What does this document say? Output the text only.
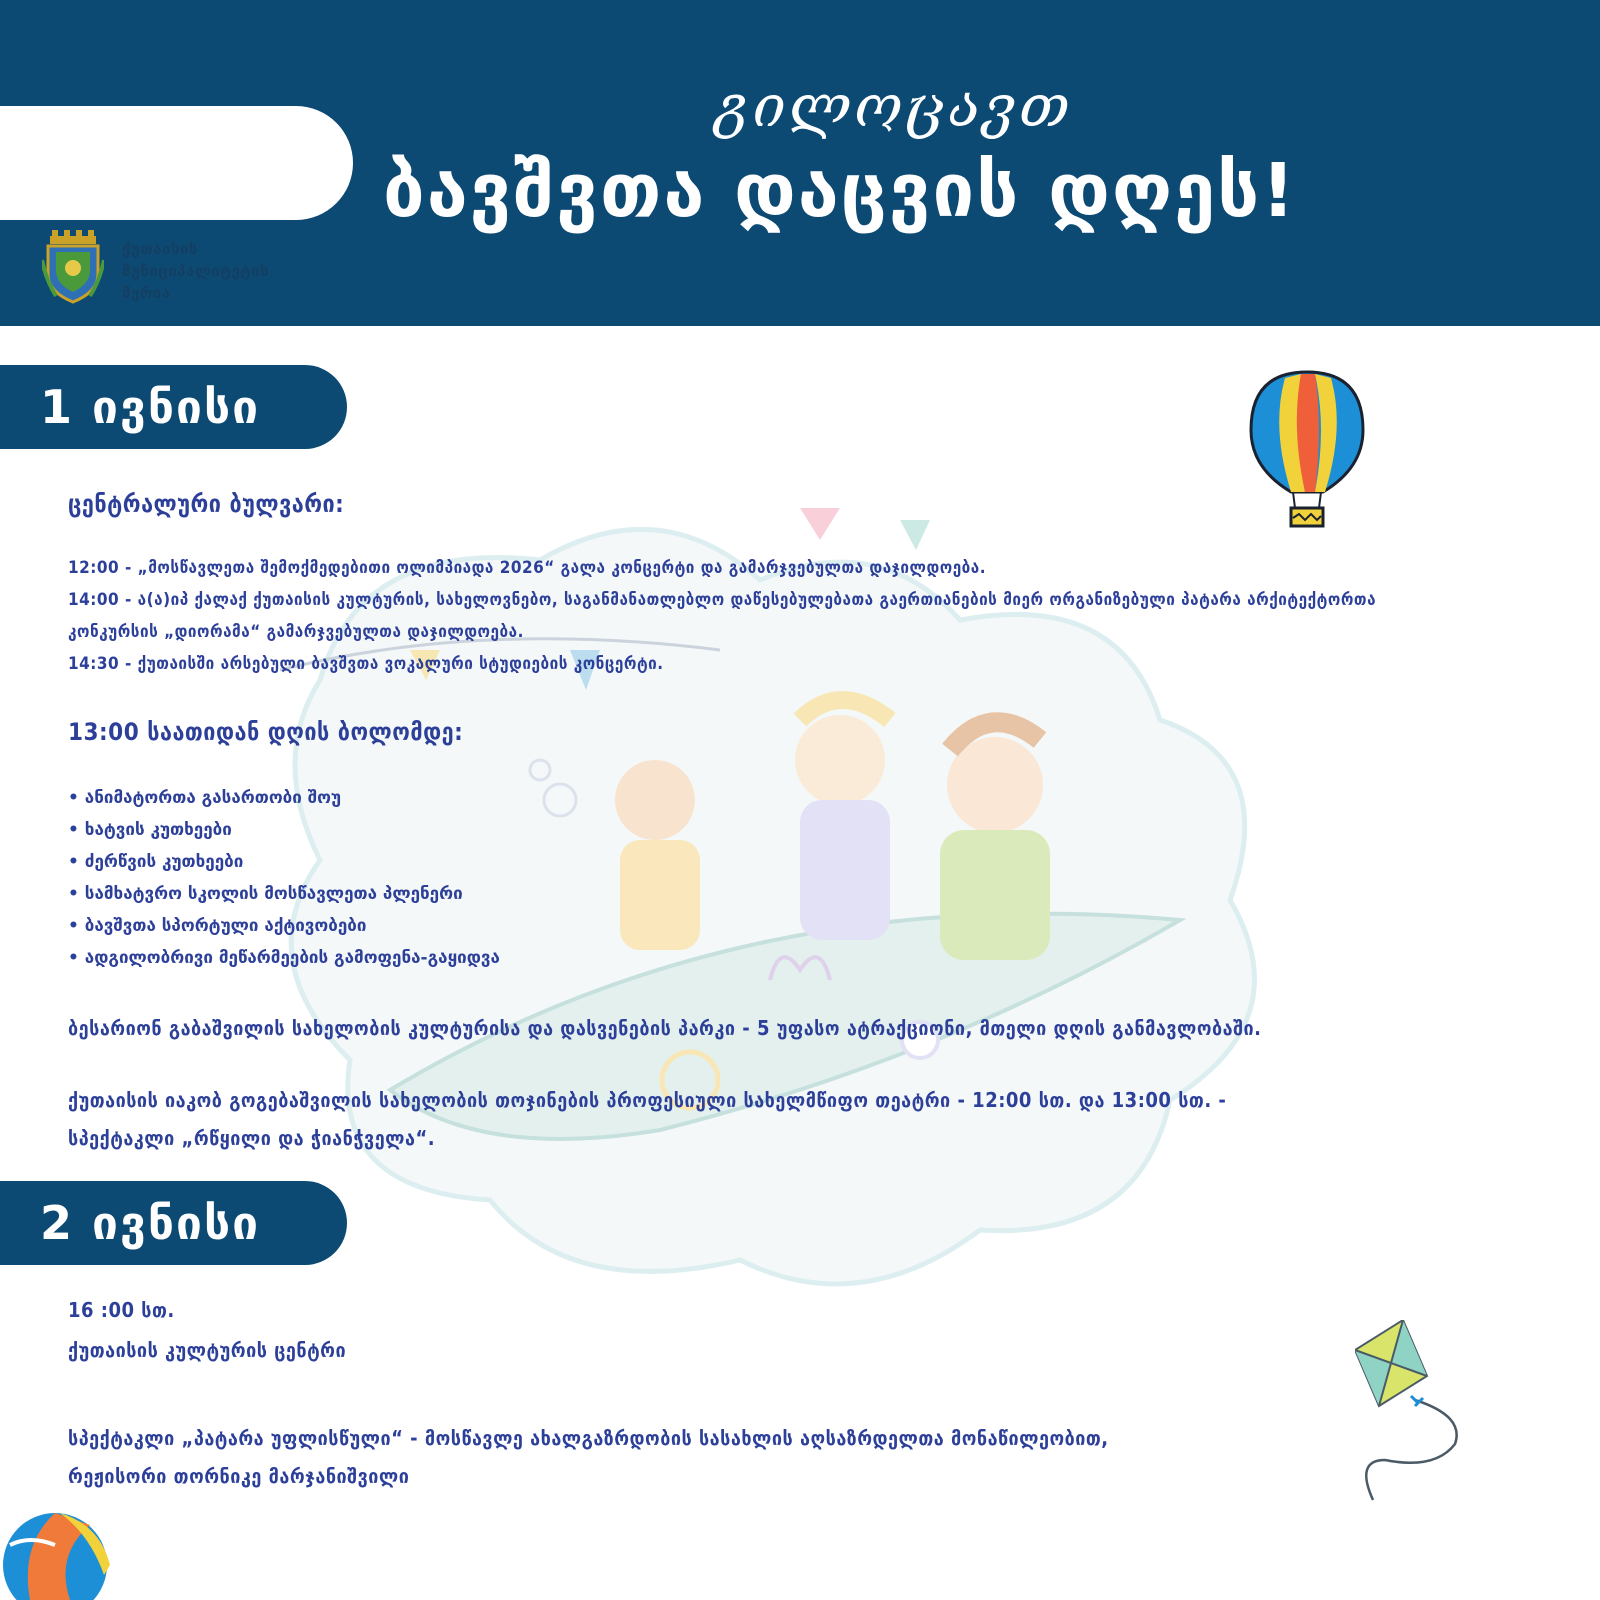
ქუთაისის
მუნიციპალიტეტის
მერია
გილოცავთ
ბავშვთა დაცვის დღეს!
1 ივნისი
ცენტრალური ბულვარი:
12:00 - „მოსწავლეთა შემოქმედებითი ოლიმპიადა 2026“ გალა კონცერტი და გამარჯვებულთა დაჯილდოება.
14:00 - ა(ა)იპ ქალაქ ქუთაისის კულტურის, სახელოვნებო, საგანმანათლებლო დაწესებულებათა გაერთიანების მიერ ორგანიზებული პატარა არქიტექტორთა
კონკურსის „დიორამა“ გამარჯვებულთა დაჯილდოება.
14:30 - ქუთაისში არსებული ბავშვთა ვოკალური სტუდიების კონცერტი.
13:00 საათიდან დღის ბოლომდე:
• ანიმატორთა გასართობი შოუ
• ხატვის კუთხეები
• ძერწვის კუთხეები
• სამხატვრო სკოლის მოსწავლეთა პლენერი
• ბავშვთა სპორტული აქტივობები
• ადგილობრივი მეწარმეების გამოფენა-გაყიდვა
ბესარიონ გაბაშვილის სახელობის კულტურისა და დასვენების პარკი - 5 უფასო ატრაქციონი, მთელი დღის განმავლობაში.
ქუთაისის იაკობ გოგებაშვილის სახელობის თოჯინების პროფესიული სახელმწიფო თეატრი - 12:00 სთ. და 13:00 სთ. -
სპექტაკლი „რწყილი და ჭიანჭველა“.
2 ივნისი
16 :00 სთ.
ქუთაისის კულტურის ცენტრი
სპექტაკლი „პატარა უფლისწული“ - მოსწავლე ახალგაზრდობის სასახლის აღსაზრდელთა მონაწილეობით,
რეჟისორი თორნიკე მარჯანიშვილი
